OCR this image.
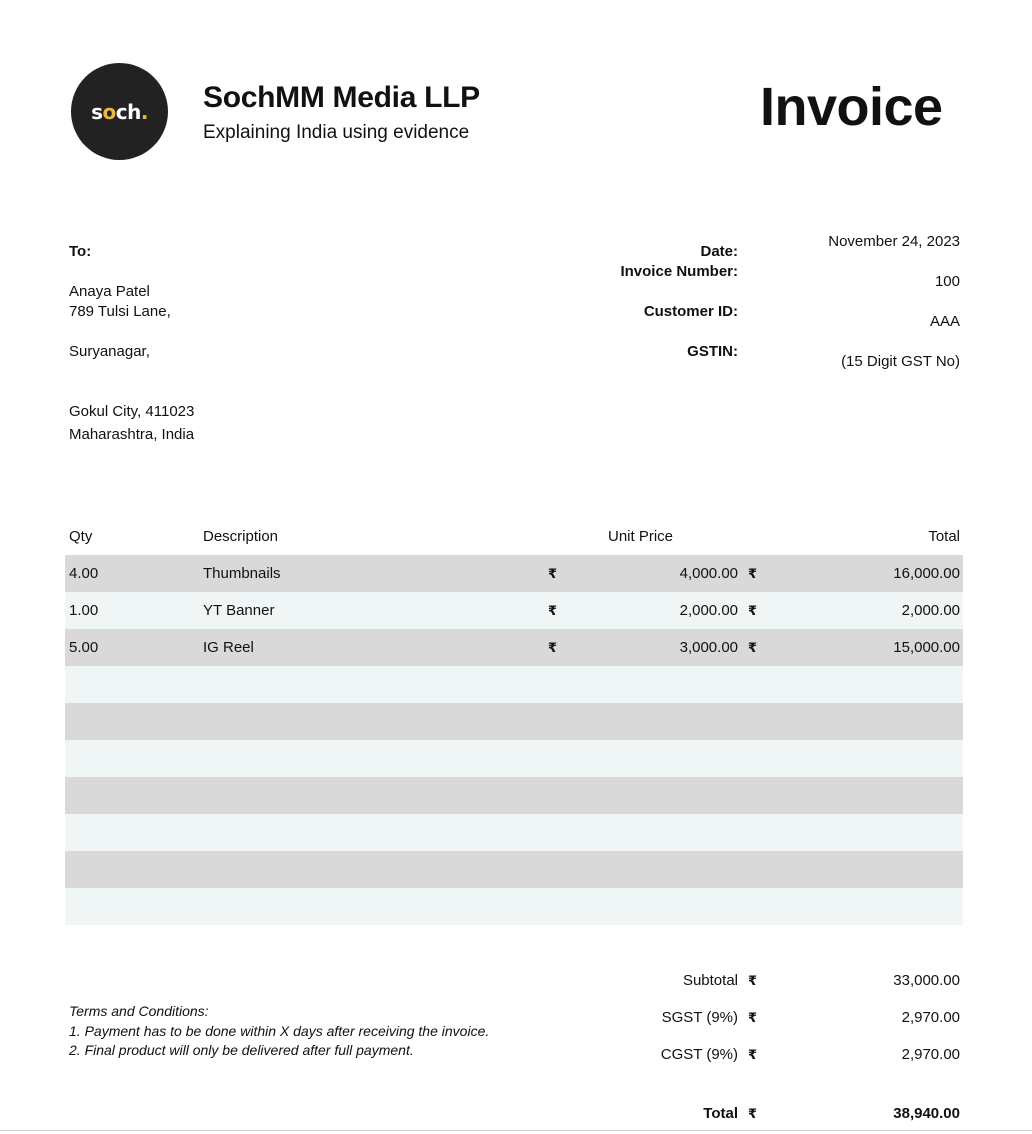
soch. SochMM Media LLP
Explaining India using evidence	Invoice
To:
Anaya Patel
789 Tulsi Lane,
Suryanagar,
Gokul City, 411023
Maharashtra, India
Date:
November 24, 2023
Invoice Number:
100
Customer ID:
AAA
GSTIN:
(15 Digit GST No)
Qty	Description	Unit Price	Total
4.00	Thumbnails	₹	4,000.00 ₹	16,000.00
1.00	YT Banner	₹	2,000.00 ₹	2,000.00
5.00	IG Reel	₹	3,000.00 ₹	15,000.00
Terms and Conditions:
1. Payment has to be done within X days after receiving the invoice.
2. Final product will only be delivered after full payment.
Subtotal ₹	33,000.00
SGST (9%) ₹	2,970.00
CGST (9%) ₹	2,970.00
Total ₹	38,940.00
